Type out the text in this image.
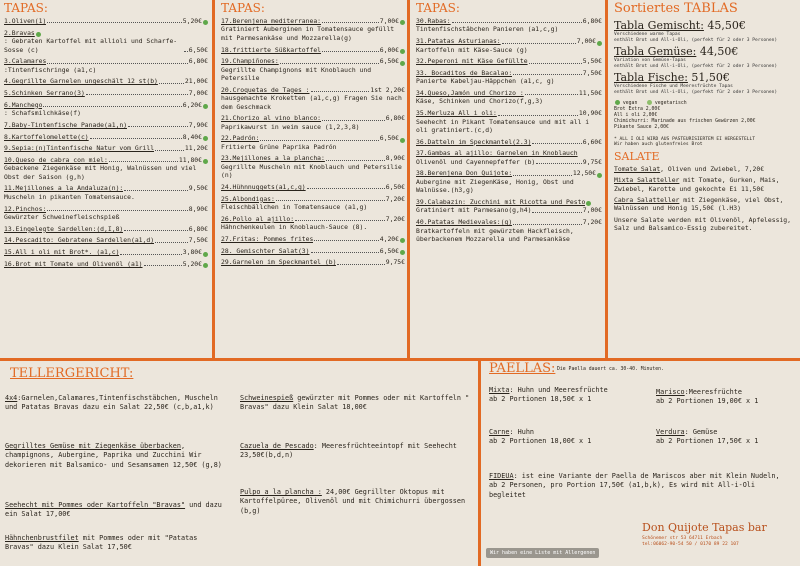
TAPAS:
1.Oliven(1)	5,20€
2.Bravas
: Gebraten Kartoffel mit allioli und Scharfe-Sosse (c)	6,50€
3.Calamares	6,80€
:Tintenfischringe (a1,c)
4.Gegrillte Garnelen ungeschält 12 st(b)	21,00€
5.Schinken Serrano(3)	7,00€
6.Manchego	6,20€
: Schafsmilchkäse(f)
7.Baby-Tintenfische Panade(a1,n)	7,90€
8.Kartoffelomelette(c)	8,40€
9.Sepia:(n)Tintenfische Natur vom Grill	11,20€
10.Queso de cabra con miel:	11,80€
Gebackene Ziegenkäse mit Honig, Walnüssen und viel Obst der Saison (g,h)
11.Mejillones a la Andaluza(n):	9,50€
Muscheln in pikanten Tomatensauce.
12.Pinchos:	8,90€
Gewürzter Schweinefleischspieß
13.Eingelegte Sardellen:(d,I,8)	6,80€
14.Pescadito: Gebratene Sardellen(a1,d)	7,50€
15.All i oli mit Brot*. (a1,c)	3,80€
16.Brot mit Tomate und Olivenöl (a1)	5,20€
TAPAS:
17.Berenjena mediterranea:	7,00€
Gratiniert Auberginen in Tomatensauce gefüllt mit Parmesankäse und Mozzarella(g)
18.frittierte Süßkartoffel	6,00€
19.Champiñones:	6,50€
Gegrillte Champignons mit Knoblauch und Petersilie
20.Croquetas de Tages :	1st 2,20€
hausgemachte Kroketten (a1,c,g) Fragen Sie nach dem Geschmack
21.Chorizo al vino blanco:	6,80€
Paprikawurst in weim sauce (1,2,3,8)
22.Padrón:	6,50€
Fritierte Grüne Paprika Padrón
23.Mejillones a la plancha:	8,90€
Gegrillte Muscheln mit Knoblauch und Petersilie (n)
24.Hühnnuggets(a1,c,g)	6,50€
25.Albondigas:	7,20€
Fleischbällchen in Tomatensauce (a1,g)
26.Pollo al ajillo:	7,20€
Hähnchenkeulen in Knoblauch-Sauce (8).
27.Fritas: Pommes frites	4,20€
28. Gemischter Salat(3)	6,50€
29.Garnelen im Speckmantel (b)	9,75€
TAPAS:
30.Rabas:	6,80€
Tintenfischstäbchen Panieren (a1,c,g)
31.Patatas Asturianas:	7,00€
Kartoffeln mit Käse-Sauce (g)
32.Peperoni mit Käse Gefüllte	5,50€
33. Bocaditos de Bacalao:	7,50€
Panierte Kabeljau-Häppchen (a1,c, g)
34.Queso,Jamón und Chorizo :	11,50€
Käse, Schinken und Chorizo(f,g,3)
35.Merluza All i oli:	10,90€
Seehecht in Pikant Tomatensauce und mit all i oli gratiniert.(c,d)
36.Datteln im Speckmantel(2.3)	6,60€
37.Gambas al ajillo: Garnelen in Knoblauch
Olivenöl und Cayennepfeffer (b)	9,75€
38.Berenjena Don Quijote:	12,50€
Aubergine mit ZiegenKäse, Honig, Obst und Walnüsse.(h3,g)
39.Calabazin: Zucchini mit Ricotta und Pesto
Gratiniert mit Parmesano(g,h4)	7,00€
40.Patatas Medievales:(g)	7,20€
Bratkartoffeln mit gewürztem Hackfleisch, überbackenem Mozzarella und Parmesankäse
Sortiertes TABLAS
Tabla Gemischt: 45,50€
Verschiedene warme Tapas
enthält Brot und All-i-Oli, (perfekt für 2 oder 3 Personen)
Tabla Gemüse: 44,50€
Variation von Gemüse-Tapas
enthält Brot und All-i-Oli, (perfekt für 2 oder 3 Personen)
Tabla Fische: 51,50€
Verschiedene Fische und Meeresfrüchte Tapas
enthält Brot und All-i-Oli, (perfekt für 2 oder 3 Personen)
vegan	vegetarisch
Brot Extra 2,00€
All i oli 2,00€
Chimichurri: Marinade aus frischen Gewürzen 2,00€
Pikante Sauce 2,00€
* ALL I OLI WIRD AUS PASTEURISIERTEM EI HERGESTELLT
Wir haben auch glutenfreies Brot
SALATE
Tomate Salat, Oliven und Zwiebel, 7,20€
Mixta Salatteller mit Tomate, Gurken, Mais, Zwiebel, Karotte und gekochte Ei 11,50€
Cabra Salatteller mit Ziegenkäse, viel Obst, Walnüssen und Honig 15,50€ (l.H3)
Unsere Salate werden mit Olivenöl, Apfelessig, Salz und Balsamico-Essig zubereitet.
TELLERGERICHT:
4x4:Garnelen,Calamares,Tintenfischstäbchen, Muscheln und Patatas Bravas dazu ein Salat 22,50€ (c,b,a1,k)
Gegrilltes Gemüse mit Ziegenkäse überbacken, champignons, Aubergine, Paprika und Zucchini Wir dekorieren mit Balsamico- und Sesamsamen 12,50€ (g,8)
Seehecht mit Pommes oder Kartoffeln "Bravas" und dazu ein Salat 17,00€
Hähnchenbrustfilet mit Pommes oder mit "Patatas Bravas" dazu Klein Salat 17,50€
Schweinespieß gewürzter mit Pommes oder mit Kartoffeln " Bravas" dazu Klein Salat 18,00€
Cazuela de Pescado: Meeresfrüchteeintopf mit Seehecht 23,50€(b,d,n)
Pulpo a la plancha : 24,00€ Gegrillter Oktopus mit Kartoffelpüree, Olivenöl und mit Chimichurri übergossen (b,g)
PAELLAS: Die Paella dauert ca. 30-40. Minuten.
Mixta: Huhn und Meeresfrüchte
ab 2 Portionen 18,50€ x 1
Marisco:Meeresfrüchte
ab 2 Portionen 19,00€ x 1
Carne: Huhn
ab 2 Portionen 18,00€ x 1
Verdura: Gemüse
ab 2 Portionen 17,50€ x 1
FIDEUA: ist eine Variante der Paella de Mariscos aber mit Klein Nudeln, ab 2 Personen, pro Portion 17,50€ (a1,b,k), Es wird mit All-i-Oli begleitet
Wir haben eine Liste mit Allergenen
Don Quijote Tapas bar
Schönemer str 53 64711 Erbach
tel:06062-90-54 50 / 0170 89 22 107
